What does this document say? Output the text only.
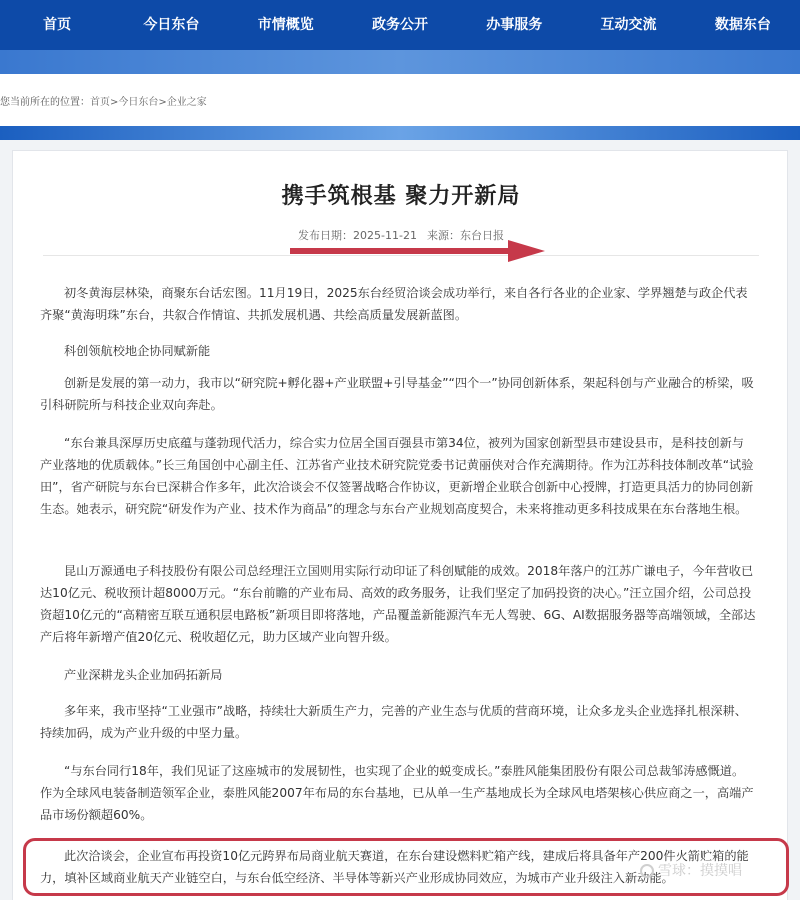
首页	今日东台	市情概览	政务公开	办事服务	互动交流	数据东台
您当前所在的位置：首页>今日东台>企业之家
携手筑根基 聚力开新局
发布日期：2025-11-21 来源：东台日报
初冬黄海层林染，商聚东台话宏图。11月19日，2025东台经贸洽谈会成功举行，来自各行各业的企业家、学界翘楚与政企代表齐聚“黄海明珠”东台，共叙合作情谊、共抓发展机遇、共绘高质量发展新蓝图。
科创领航校地企协同赋新能
创新是发展的第一动力，我市以“研究院+孵化器+产业联盟+引导基金”“四个一”协同创新体系，架起科创与产业融合的桥梁，吸引科研院所与科技企业双向奔赴。
“东台兼具深厚历史底蕴与蓬勃现代活力，综合实力位居全国百强县市第34位，被列为国家创新型县市建设县市，是科技创新与产业落地的优质载体。”长三角国创中心副主任、江苏省产业技术研究院党委书记黄丽侠对合作充满期待。作为江苏科技体制改革“试验田”，省产研院与东台已深耕合作多年，此次洽谈会不仅签署战略合作协议，更新增企业联合创新中心授牌，打造更具活力的协同创新生态。她表示，研究院“研发作为产业、技术作为商品”的理念与东台产业规划高度契合，未来将推动更多科技成果在东台落地生根。
昆山万源通电子科技股份有限公司总经理汪立国则用实际行动印证了科创赋能的成效。2018年落户的江苏广谦电子，今年营收已达10亿元、税收预计超8000万元。“东台前瞻的产业布局、高效的政务服务，让我们坚定了加码投资的决心。”汪立国介绍，公司总投资超10亿元的“高精密互联互通积层电路板”新项目即将落地，产品覆盖新能源汽车无人驾驶、6G、AI数据服务器等高端领域，全部达产后将年新增产值20亿元、税收超亿元，助力区域产业向智升级。
产业深耕龙头企业加码拓新局
多年来，我市坚持“工业强市”战略，持续壮大新质生产力，完善的产业生态与优质的营商环境，让众多龙头企业选择扎根深耕、持续加码，成为产业升级的中坚力量。
“与东台同行18年，我们见证了这座城市的发展韧性，也实现了企业的蜕变成长。”泰胜风能集团股份有限公司总裁邹涛感慨道。作为全球风电装备制造领军企业，泰胜风能2007年布局的东台基地，已从单一生产基地成长为全球风电塔架核心供应商之一，高端产品市场份额超60%。
此次洽谈会，企业宣布再投资10亿元跨界布局商业航天赛道，在东台建设燃料贮箱产线，建成后将具备年产200件火箭贮箱的能力，填补区域商业航天产业链空白，与东台低空经济、半导体等新兴产业形成协同效应，为城市产业升级注入新动能。
雪球：摸摸唱
